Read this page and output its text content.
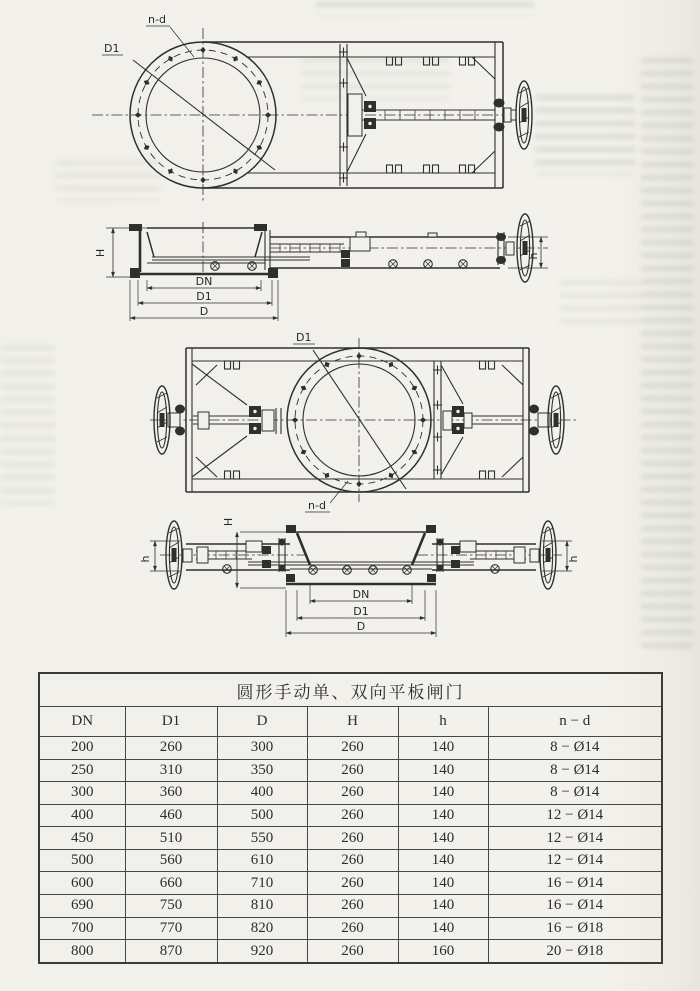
D1
n-d
H	h
DN
D1
D
D1
n-d
H
h	h
DN
D1
D
圆形手动单、双向平板闸门					
DN	D1	D	H	h	n − d
200	260	300	260	140	8 − Ø14
250	310	350	260	140	8 − Ø14
300	360	400	260	140	8 − Ø14
400	460	500	260	140	12 − Ø14
450	510	550	260	140	12 − Ø14
500	560	610	260	140	12 − Ø14
600	660	710	260	140	16 − Ø14
690	750	810	260	140	16 − Ø14
700	770	820	260	140	16 − Ø18
800	870	920	260	160	20 − Ø18
